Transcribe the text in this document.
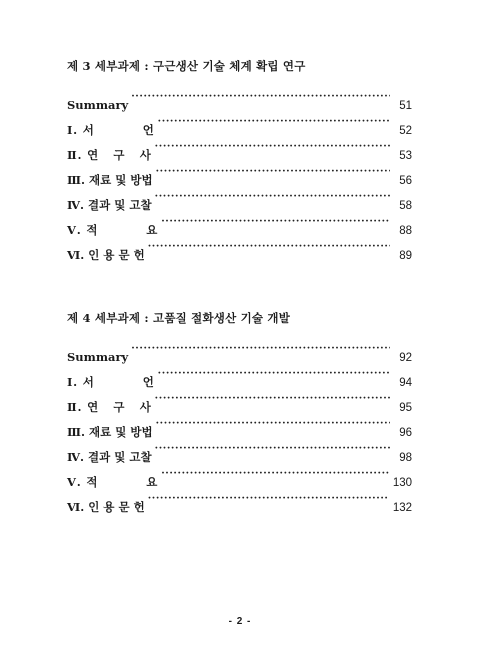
제 3 세부과제 : 구근생산 기술 체계 확립 연구
Summary ·····	51
Ⅰ. 서          언 ·····	52
Ⅱ. 연   구   사 ·····	53
Ⅲ. 재료 및 방법 ·····	56
Ⅳ. 결과 및 고찰 ·····	58
Ⅴ. 적          요 ·····	88
Ⅵ. 인 용 문 헌 ·····	89
제 4 세부과제 : 고품질 절화생산 기술 개발
Summary ·····	92
Ⅰ. 서          언 ·····	94
Ⅱ. 연   구   사 ·····	95
Ⅲ. 재료 및 방법 ·····	96
Ⅳ. 결과 및 고찰 ·····	98
Ⅴ. 적          요 ·····	130
Ⅵ. 인 용 문 헌 ·····	132
- 2 -
